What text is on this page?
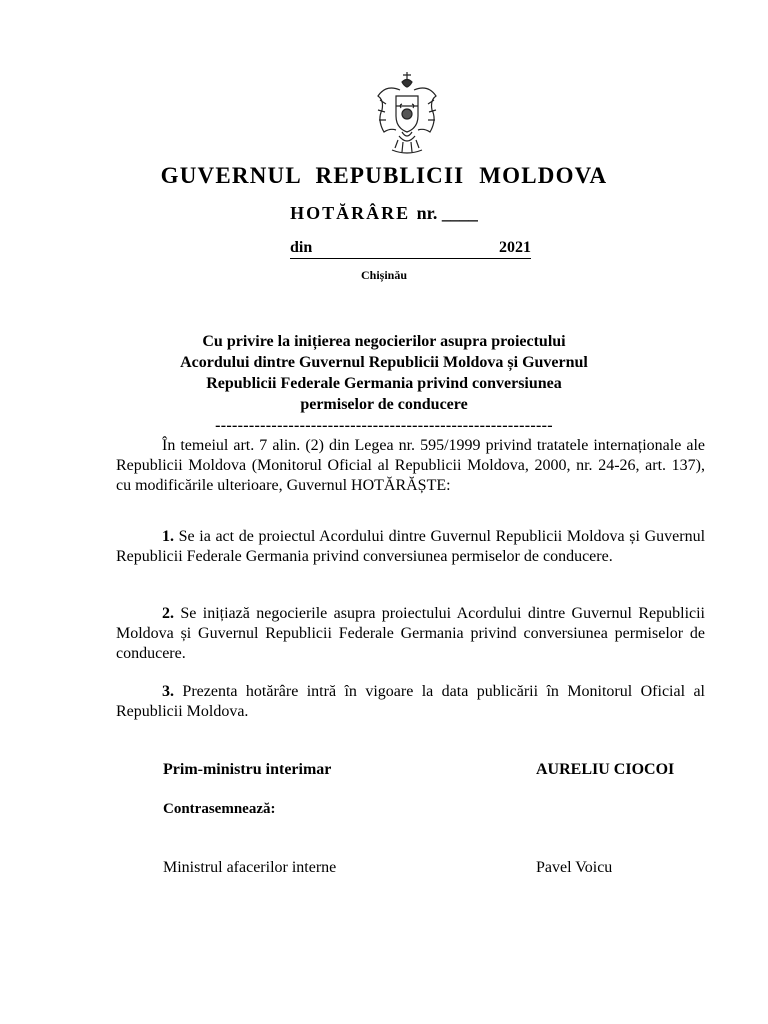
GUVERNUL REPUBLICII MOLDOVA
HOTĂRÂRE nr. ____
din	2021
Chișinău
Cu privire la inițierea negocierilor asupra proiectului
Acordului dintre Guvernul Republicii Moldova și Guvernul
Republicii Federale Germania privind conversiunea
permiselor de conducere
------------------------------------------------------------
În temeiul art. 7 alin. (2) din Legea nr. 595/1999 privind tratatele internaționale ale Republicii Moldova (Monitorul Oficial al Republicii Moldova, 2000, nr. 24-26, art. 137), cu modificările ulterioare, Guvernul HOTĂRĂȘTE:
1. Se ia act de proiectul Acordului dintre Guvernul Republicii Moldova și Guvernul Republicii Federale Germania privind conversiunea permiselor de conducere.
2. Se inițiază negocierile asupra proiectului Acordului dintre Guvernul Republicii Moldova și Guvernul Republicii Federale Germania privind conversiunea permiselor de conducere.
3. Prezenta hotărâre intră în vigoare la data publicării în Monitorul Oficial al Republicii Moldova.
Prim-ministru interimar	AURELIU CIOCOI
Contrasemnează:
Ministrul afacerilor interne	Pavel Voicu
